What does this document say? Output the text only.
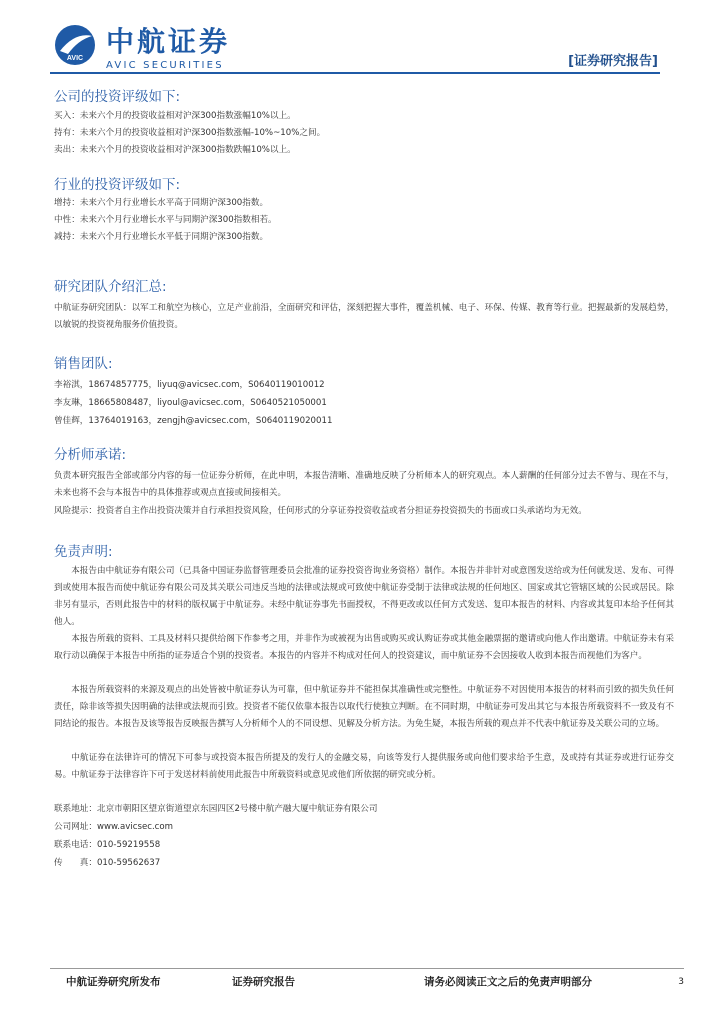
AVIC
中航证券
AVIC SECURITIES	[证券研究报告]
公司的投资评级如下:
买入：未来六个月的投资收益相对沪深300指数涨幅10%以上。
持有：未来六个月的投资收益相对沪深300指数涨幅-10%~10%之间。
卖出：未来六个月的投资收益相对沪深300指数跌幅10%以上。
行业的投资评级如下:
增持：未来六个月行业增长水平高于同期沪深300指数。
中性：未来六个月行业增长水平与同期沪深300指数相若。
减持：未来六个月行业增长水平低于同期沪深300指数。
研究团队介绍汇总:
中航证券研究团队：以军工和航空为核心，立足产业前沿，全面研究和评估，深刻把握大事件，覆盖机械、电子、环保、传媒、教育等行业。把握最新的发展趋势，以敏锐的投资视角服务价值投资。
销售团队:
李裕淇，18674857775，liyuq@avicsec.com，S0640119010012
李友琳，18665808487，liyoul@avicsec.com，S0640521050001
曾佳辉，13764019163，zengjh@avicsec.com，S0640119020011
分析师承诺:
负责本研究报告全部或部分内容的每一位证券分析师，在此申明，本报告清晰、准确地反映了分析师本人的研究观点。本人薪酬的任何部分过去不曾与、现在不与，未来也将不会与本报告中的具体推荐或观点直接或间接相关。
风险提示：投资者自主作出投资决策并自行承担投资风险，任何形式的分享证券投资收益或者分担证券投资损失的书面或口头承诺均为无效。
免责声明:
本报告由中航证券有限公司（已具备中国证券监督管理委员会批准的证券投资咨询业务资格）制作。本报告并非针对或意图发送给或为任何就发送、发布、可得到或使用本报告而使中航证券有限公司及其关联公司违反当地的法律或法规或可致使中航证券受制于法律或法规的任何地区、国家或其它管辖区域的公民或居民。除非另有显示，否则此报告中的材料的版权属于中航证券。未经中航证券事先书面授权，不得更改或以任何方式发送、复印本报告的材料、内容或其复印本给予任何其他人。
本报告所载的资料、工具及材料只提供给阁下作参考之用，并非作为或被视为出售或购买或认购证券或其他金融票据的邀请或向他人作出邀请。中航证券未有采取行动以确保于本报告中所指的证券适合个别的投资者。本报告的内容并不构成对任何人的投资建议，而中航证券不会因接收人收到本报告而视他们为客户。
本报告所载资料的来源及观点的出处皆被中航证券认为可靠，但中航证券并不能担保其准确性或完整性。中航证券不对因使用本报告的材料而引致的损失负任何责任，除非该等损失因明确的法律或法规而引致。投资者不能仅依靠本报告以取代行使独立判断。在不同时期，中航证券可发出其它与本报告所载资料不一致及有不同结论的报告。本报告及该等报告反映报告撰写人分析师个人的不同设想、见解及分析方法。为免生疑，本报告所载的观点并不代表中航证券及关联公司的立场。
中航证券在法律许可的情况下可参与或投资本报告所提及的发行人的金融交易，向该等发行人提供服务或向他们要求给予生意，及或持有其证券或进行证券交易。中航证券于法律容许下可于发送材料前使用此报告中所载资料或意见或他们所依据的研究或分析。
联系地址：北京市朝阳区望京街道望京东园四区2号楼中航产融大厦中航证券有限公司
公司网址：www.avicsec.com
联系电话：010-59219558
传　　真：010-59562637
中航证券研究所发布	证券研究报告	请务必阅读正文之后的免责声明部分	3
